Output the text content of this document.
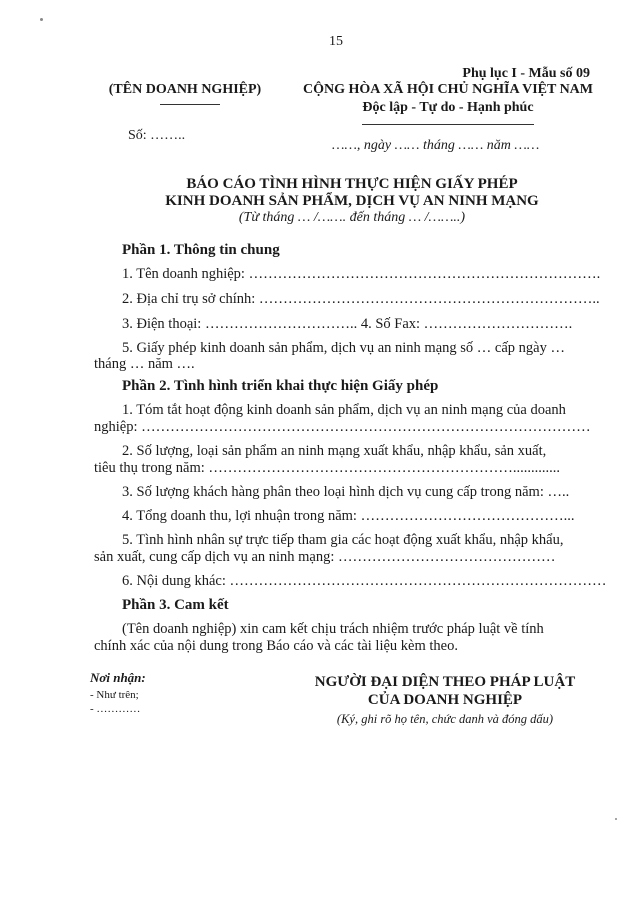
15
Phụ lục I - Mẫu số 09
(TÊN DOANH NGHIỆP)	CỘNG HÒA XÃ HỘI CHỦ NGHĨA VIỆT NAM
Độc lập - Tự do - Hạnh phúc
Số: ……..
……, ngày …… tháng …… năm ……
BÁO CÁO TÌNH HÌNH THỰC HIỆN GIẤY PHÉP
KINH DOANH SẢN PHẨM, DỊCH VỤ AN NINH MẠNG
(Từ tháng … /……. đến tháng … /……..)
Phần 1. Thông tin chung
1. Tên doanh nghiệp: ……………………………………………………………….
2. Địa chỉ trụ sở chính: ……………………………………………………………..
3. Điện thoại: ………………………….. 4. Số Fax: ………………………….
5. Giấy phép kinh doanh sản phẩm, dịch vụ an ninh mạng số … cấp ngày …
tháng … năm ….
Phần 2. Tình hình triển khai thực hiện Giấy phép
1. Tóm tắt hoạt động kinh doanh sản phẩm, dịch vụ an ninh mạng của doanh
nghiệp: …………………………………………………………………………………
2. Số lượng, loại sản phẩm an ninh mạng xuất khẩu, nhập khẩu, sản xuất,
tiêu thụ trong năm: ……………………………………………………….............
3. Số lượng khách hàng phân theo loại hình dịch vụ cung cấp trong năm: …..
4. Tổng doanh thu, lợi nhuận trong năm: ……………………………………...
5. Tình hình nhân sự trực tiếp tham gia các hoạt động xuất khẩu, nhập khẩu,
sản xuất, cung cấp dịch vụ an ninh mạng: ………………………………………
6. Nội dung khác: ……………………………………………………………………
Phần 3. Cam kết
(Tên doanh nghiệp) xin cam kết chịu trách nhiệm trước pháp luật về tính
chính xác của nội dung trong Báo cáo và các tài liệu kèm theo.
Nơi nhận:
- Như trên;
- …………
NGƯỜI ĐẠI DIỆN THEO PHÁP LUẬT
CỦA DOANH NGHIỆP
(Ký, ghi rõ họ tên, chức danh và đóng dấu)
